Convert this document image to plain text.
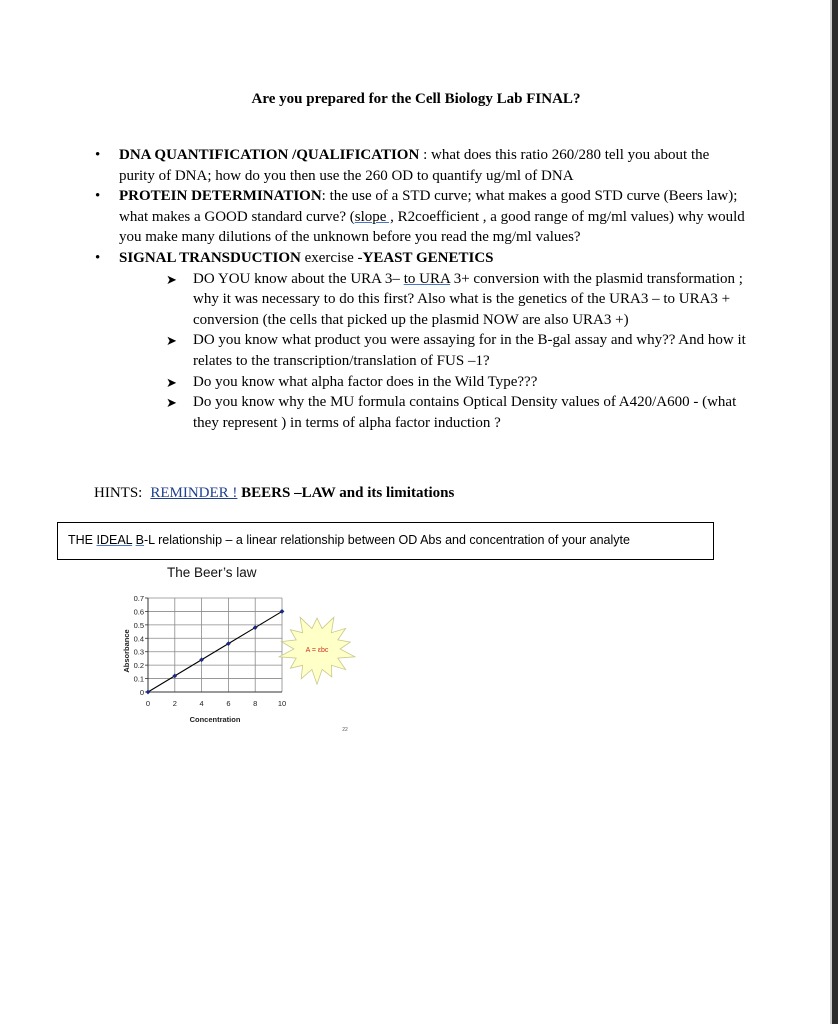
Are you prepared for the Cell Biology Lab FINAL?
• DNA QUANTIFICATION /QUALIFICATION : what does this ratio 260/280 tell you about the purity of DNA; how do you then use the 260 OD to quantify ug/ml of DNA
• PROTEIN DETERMINATION: the use of a STD curve; what makes a good STD curve (Beers law); what makes a GOOD standard curve? (slope , R2coefficient , a good range of mg/ml values) why would you make many dilutions of the unknown before you read the mg/ml values?
• SIGNAL TRANSDUCTION exercise -YEAST GENETICS
➤ DO YOU know about the URA 3– to URA 3+ conversion with the plasmid transformation ; why it was necessary to do this first? Also what is the genetics of the URA3 – to URA3 + conversion (the cells that picked up the plasmid NOW are also URA3 +)
➤ DO you know what product you were assaying for in the B-gal assay and why?? And how it relates to the transcription/translation of FUS –1?
➤ Do you know what alpha factor does in the Wild Type???
➤ Do you know why the MU formula contains Optical Density values of A420/A600 - (what they represent ) in terms of alpha factor induction ?
HINTS: REMINDER ! BEERS –LAW and its limitations
THE IDEAL B-L relationship – a linear relationship between OD Abs and concentration of your analyte
The Beer’s law
0
0.1
0.2
0.3
0.4
0.5
0.6
0.7
0	2	4	6	8	10
Concentration
Absorbance	A = εbc
22
